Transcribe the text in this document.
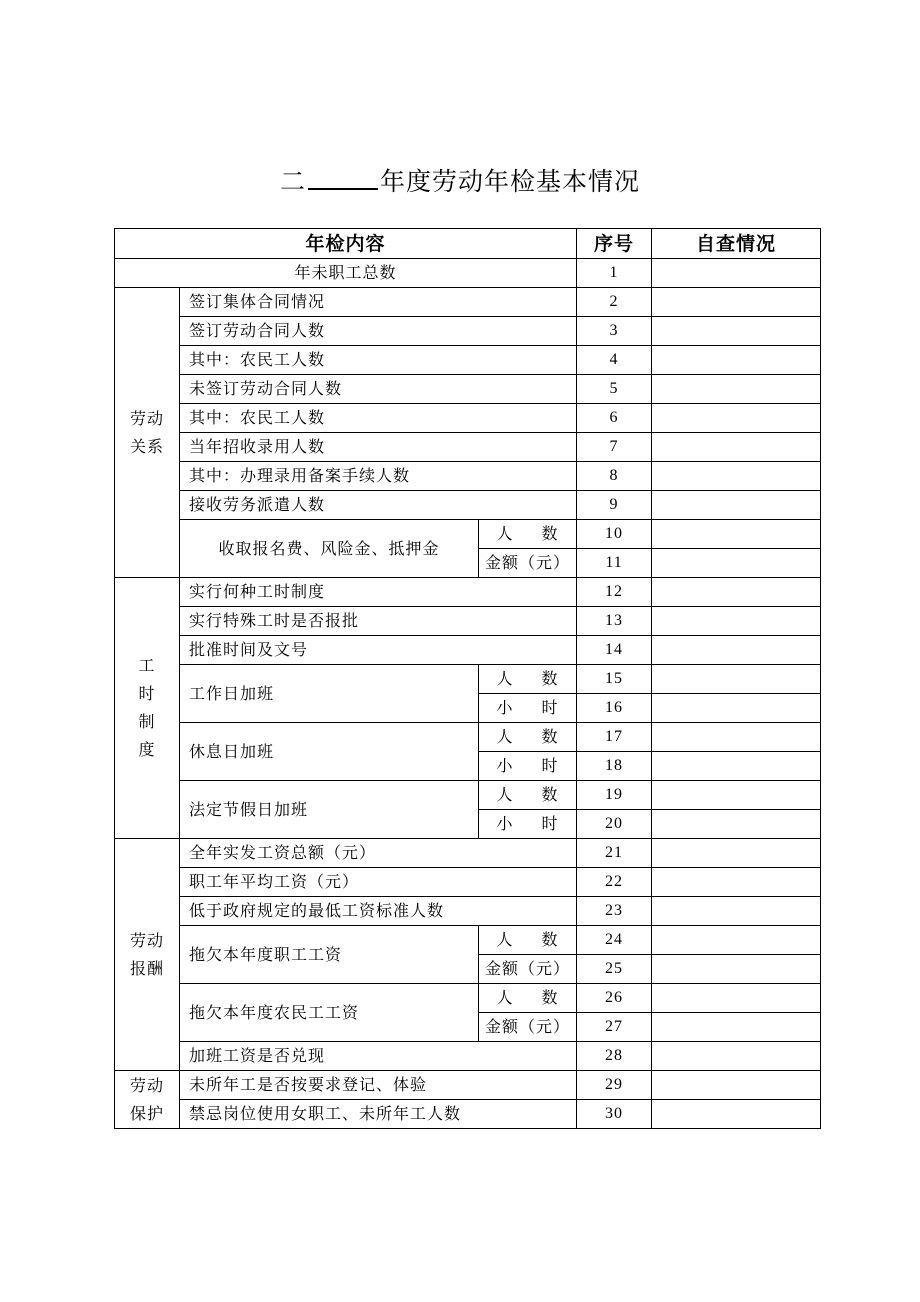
二	年度劳动年检基本情况
年检内容			序号	自查情况
年未职工总数			1	
劳动
关系	签订集体合同情况		2	
	签订劳动合同人数		3	
	其中：农民工人数		4	
	未签订劳动合同人数		5	
	其中：农民工人数		6	
	当年招收录用人数		7	
	其中：办理录用备案手续人数		8	
	接收劳务派遣人数		9	
	收取报名费、风险金、抵押金	人 数	10	
		金额（元）	11	

工
时
制
度	实行何种工时制度		12	
	实行特殊工时是否报批		13	
	批准时间及文号		14	
	工作日加班	人 数	15	
		小 时	16	
	休息日加班	人 数	17	
		小 时	18	
	法定节假日加班	人 数	19	
		小 时	20	
劳动
报酬	全年实发工资总额（元）		21	
	职工年平均工资（元）		22	
	低于政府规定的最低工资标准人数		23	
	拖欠本年度职工工资	人 数	24	
		金额（元）	25	
	拖欠本年度农民工工资	人 数	26	
		金额（元）	27	
	加班工资是否兑现		28	
劳动
保护	未所年工是否按要求登记、体验		29	
	禁忌岗位使用女职工、未所年工人数		30	
